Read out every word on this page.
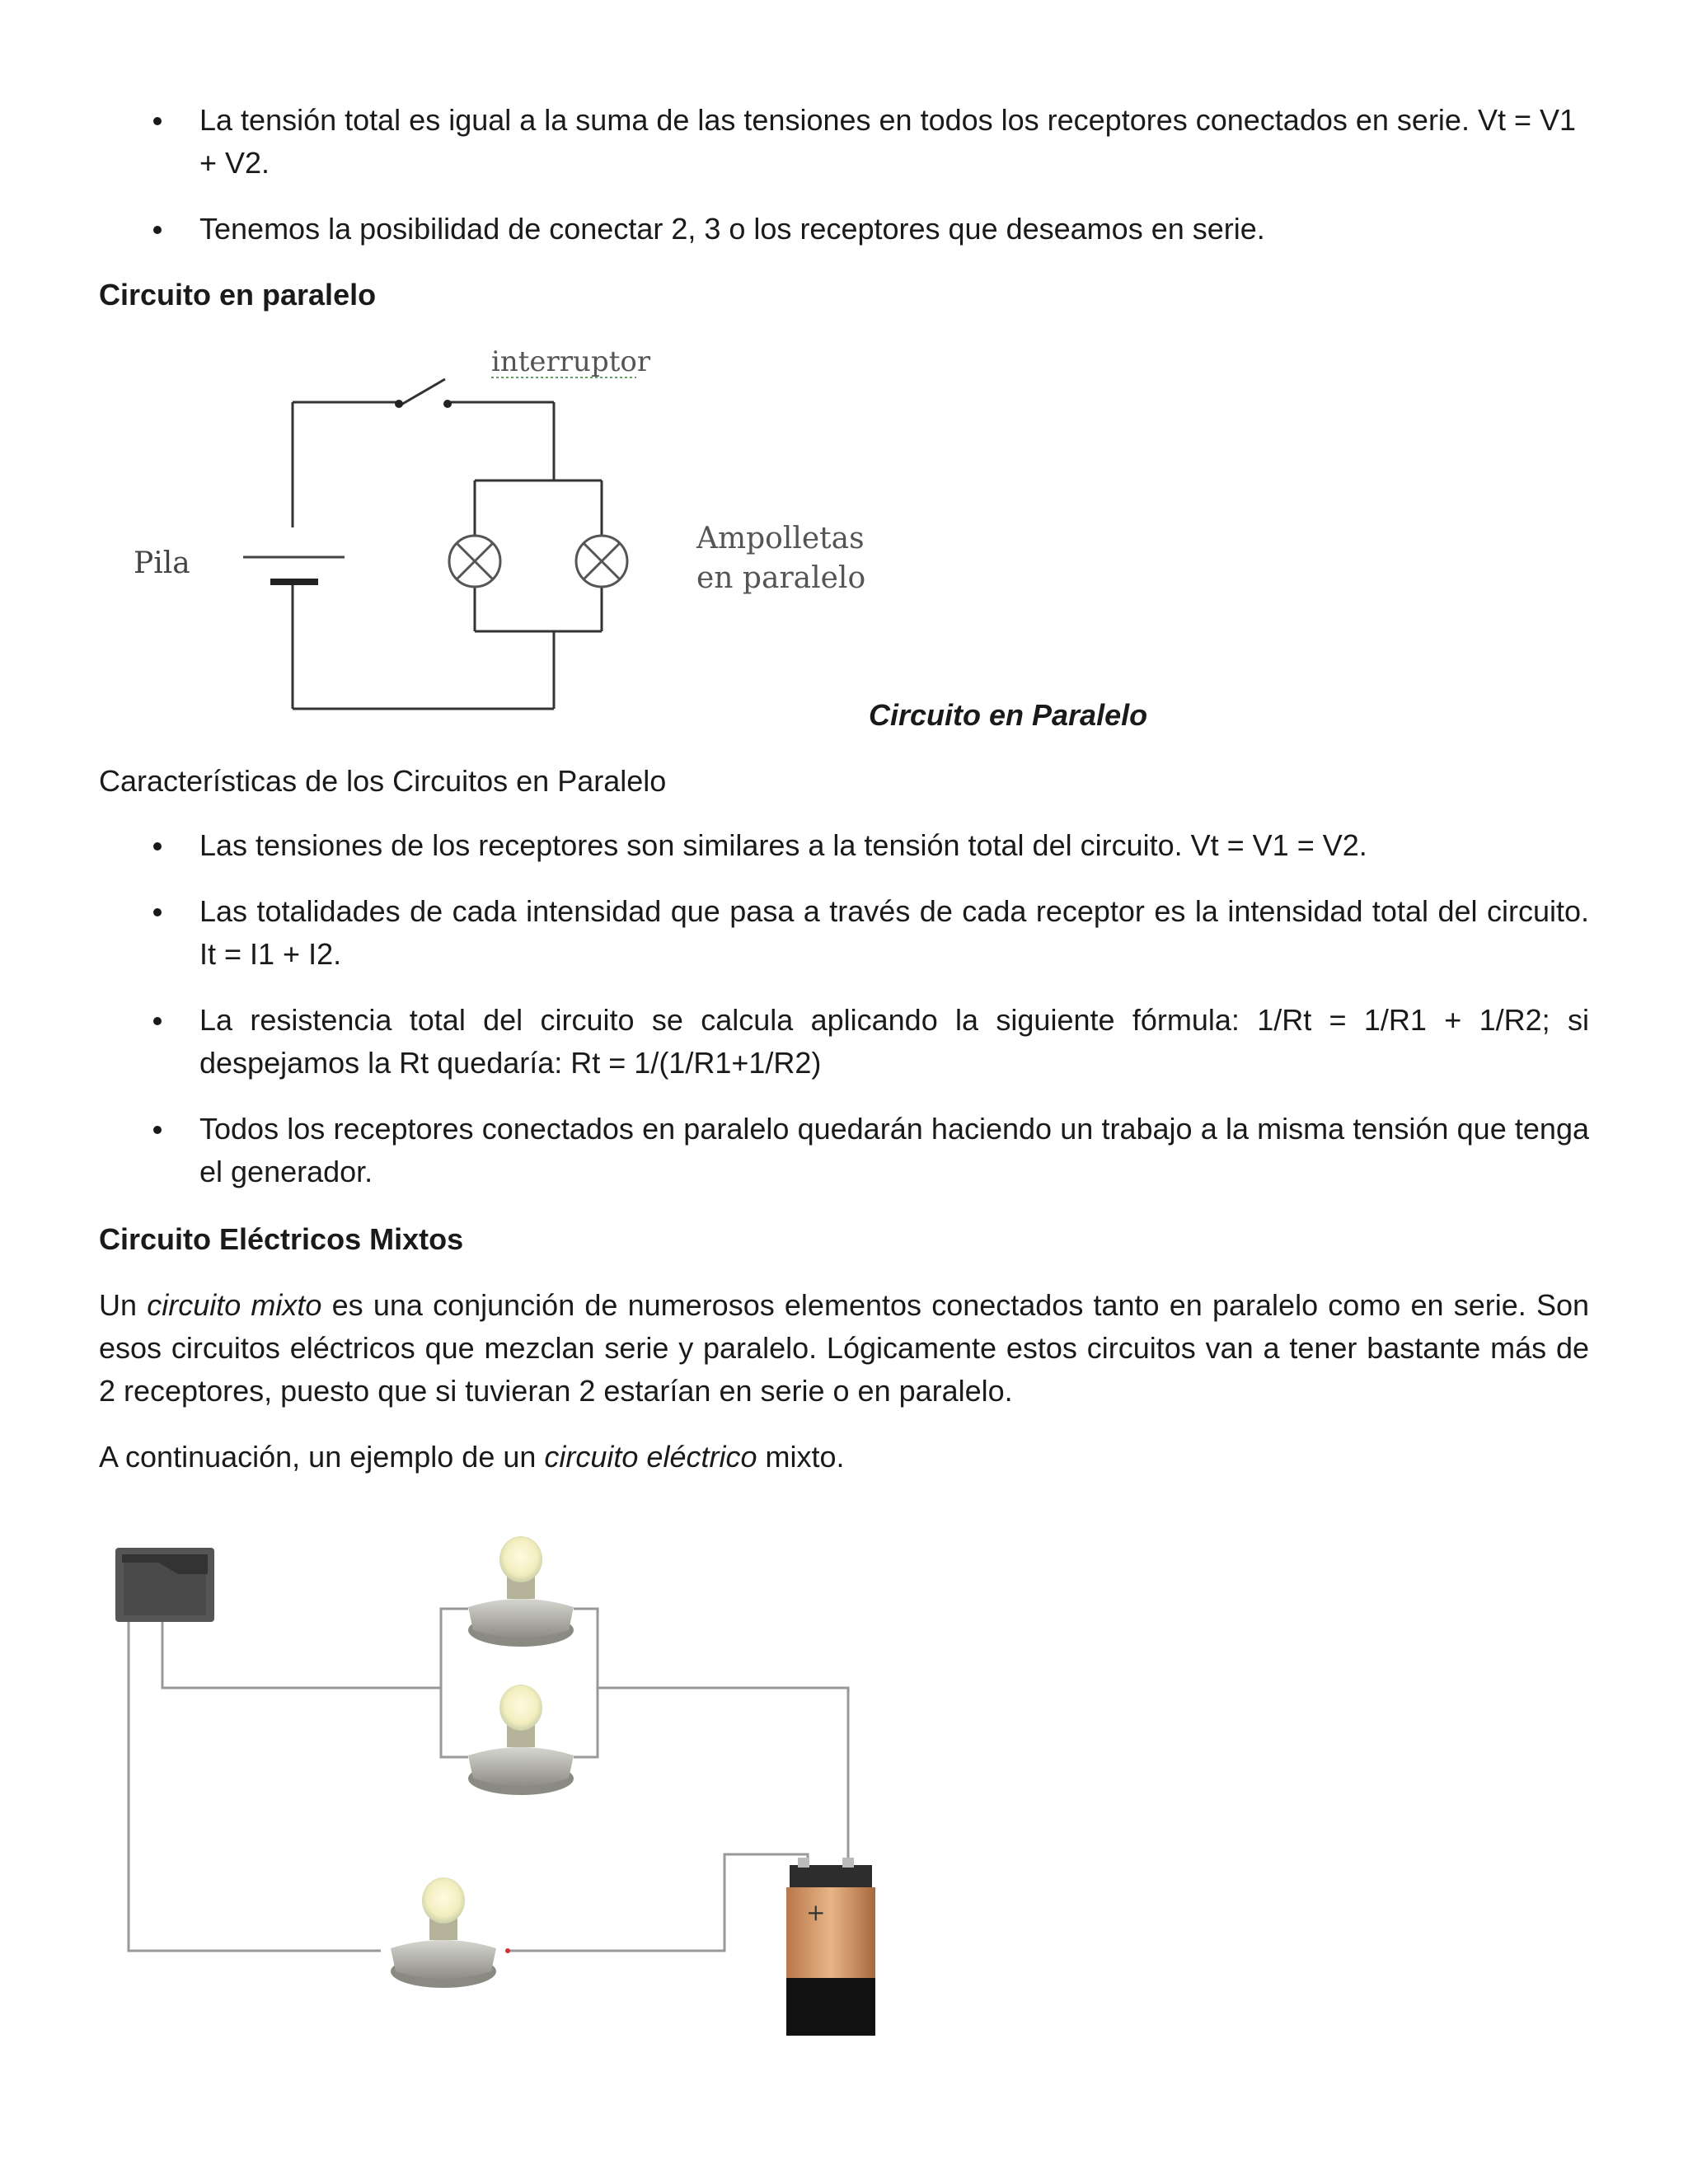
La tensión total es igual a la suma de las tensiones en todos los receptores conectados en serie. Vt = V1 + V2.
Tenemos la posibilidad de conectar 2, 3 o los receptores que deseamos en serie.
Circuito en paralelo
interruptor
Pila
Ampolletas
en paralelo
Circuito en Paralelo
Características de los Circuitos en Paralelo
Las tensiones de los receptores son similares a la tensión total del circuito. Vt = V1 = V2.
Las totalidades de cada intensidad que pasa a través de cada receptor es la intensidad total del circuito. It = I1 + I2.
La resistencia total del circuito se calcula aplicando la siguiente fórmula: 1/Rt = 1/R1 + 1/R2; si despejamos la Rt quedaría: Rt = 1/(1/R1+1/R2)
Todos los receptores conectados en paralelo quedarán haciendo un trabajo a la misma tensión que tenga el generador.
Circuito Eléctricos Mixtos
Un circuito mixto es una conjunción de numerosos elementos conectados tanto en paralelo como en serie. Son esos circuitos eléctricos que mezclan serie y paralelo. Lógicamente estos circuitos van a tener bastante más de 2 receptores, puesto que si tuvieran 2 estarían en serie o en paralelo.
A continuación, un ejemplo de un circuito eléctrico mixto.
+
